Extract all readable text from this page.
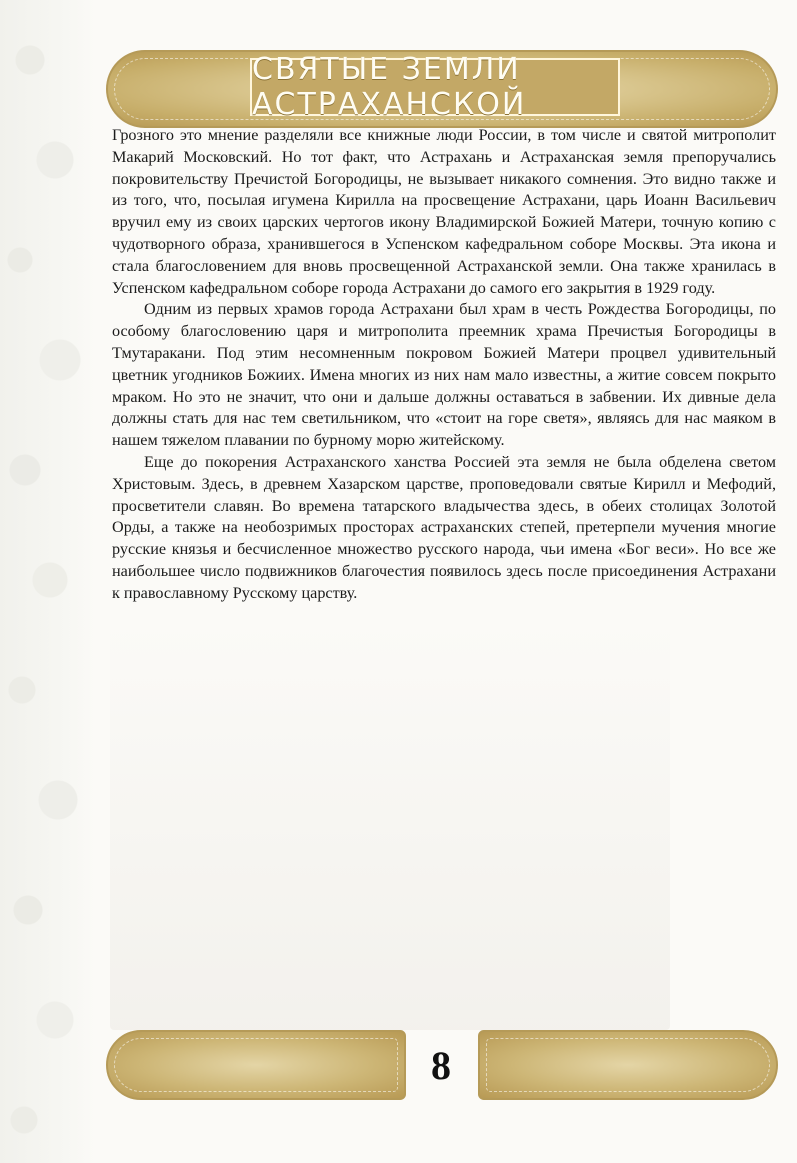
СВЯТЫЕ ЗЕМЛИ АСТРАХАНСКОЙ

Грозного это мнение разделяли все книжные люди России, в том числе и святой митрополит Макарий Московский. Но тот факт, что Астрахань и Астраханская земля препоручались покровительству Пречистой Богородицы, не вызывает никакого сомнения. Это видно также и из того, что, посылая игумена Кирилла на просвещение Астрахани, царь Иоанн Васильевич вручил ему из своих царских чертогов икону Владимирской Божией Матери, точную копию с чудотворного образа, хранившегося в Успенском кафедральном соборе Москвы. Эта икона и стала благословением для вновь просвещенной Астраханской земли. Она также хранилась в Успенском кафедральном соборе города Астрахани до самого его закрытия в 1929 году.

Одним из первых храмов города Астрахани был храм в честь Рождества Богородицы, по особому благословению царя и митрополита преемник храма Пречистыя Богородицы в Тмутаракани. Под этим несомненным покровом Божией Матери процвел удивительный цветник угодников Божиих. Имена многих из них нам мало известны, а житие совсем покрыто мраком. Но это не значит, что они и дальше должны оставаться в забвении. Их дивные дела должны стать для нас тем светильником, что «стоит на горе светя», являясь для нас маяком в нашем тяжелом плавании по бурному морю житейскому.

Еще до покорения Астраханского ханства Россией эта земля не была обделена светом Христовым. Здесь, в древнем Хазарском царстве, проповедовали святые Кирилл и Мефодий, просветители славян. Во времена татарского владычества здесь, в обеих столицах Золотой Орды, а также на необозримых просторах астраханских степей, претерпели мучения многие русские князья и бесчисленное множество русского народа, чьи имена «Бог веси». Но все же наибольшее число подвижников благочестия появилось здесь после присоединения Астрахани к православному Русскому царству.

8
